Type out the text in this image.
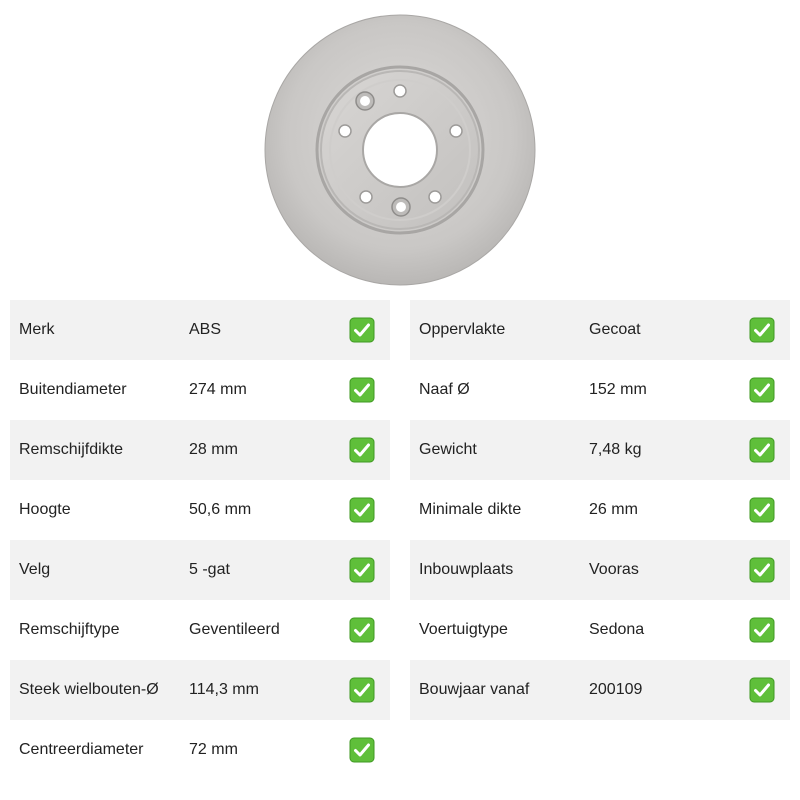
Merk	ABS
Buitendiameter	274 mm
Remschijfdikte	28 mm
Hoogte	50,6 mm
Velg	5 -gat
Remschijftype	Geventileerd
Steek wielbouten-Ø 114,3 mm
Centreerdiameter	72 mm
Oppervlakte	Gecoat
Naaf Ø	152 mm
Gewicht	7,48 kg
Minimale dikte	26 mm
Inbouwplaats	Vooras
Voertuigtype	Sedona
Bouwjaar vanaf	200109
